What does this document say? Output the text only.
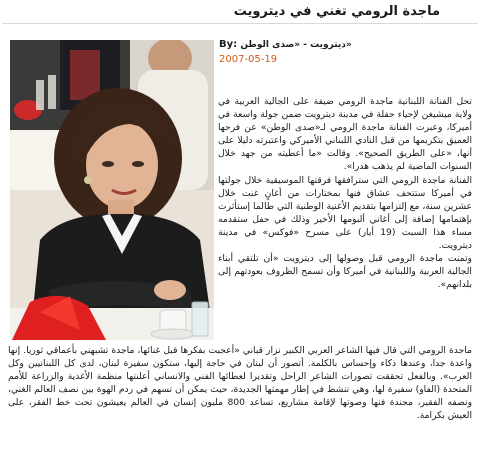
ماجدة الرومي تغني في ديترويت
By: «ديترويت - «صدى الوطن
2007-05-19

تحل الفنانة اللبنانية ماجدة الرومي ضيفة على الجالية العربية في ولاية ميشيغن لإحياء حفلة في مدينة ديترويت ضمن جولة واسعة في أميركا، وعبرت الفنانة ماجدة الرومي لـ«صدى الوطن» عن فرحها العميق بتكريمها من قبل النادي اللبناني الأميركي واعتبرته دليلا على أنها، «على الطريق الصحيح». وقالت «ما أعطيته من جهد خلال السنوات الماضية لم يذهب هدرا».

الفنانة ماجدة الرومي التي سترافقها فرقتها الموسيقية خلال جولتها في أميركا ستتحف عشاق فنها بمختارات من أغانٍ غنت خلال عشرين سنة، مع إلتزامها بتقديم الأغنية الوطنية التي طالما إستأثرت بإهتمامها إضافة إلى أغاني ألبومها الأخير وذلك في حفل ستقدمه مساء هذا السبت (19 أيار) على مسرح «فوكس» في مدينة ديترويت.

وتمنت ماجدة الرومي قبل وصولها إلى ديترويت «أن تلتقي أبناء الجالية العربية واللبنانية في أميركا وأن تسمح الظروف بعودتهم إلى بلدانهم».

ماجدة الرومي التي قال فيها الشاعر العربي الكبير نزار قباني «أعجبت بفكرها قبل غنائها، ماجدة تشبهني بأعماقي ثوريا. إنها واعدة جدا، وعندها ذكاء وإحساس بالكلمة. أتصور أن لبنان في حاجة إليها، ستكون سفيرة لبنان، لدى كل اللبنانيين وكل العرب». وبالفعل تحققت تصورات الشاعر الراحل وتقديرا لعطائها الفني والانساني أعلنتها منظمة الأغذية والزراعة للأمم المتحدة (الفاو) سفيرة لها، وهي تنشط في إطار مهمتها الجديدة، حيث يمكن أن تسهم في ردم الهوة بين نصف العالم الغني، ونصفه الفقير، مجندة فنها وصوتها لإقامة مشاريع، تساعد 800 مليون إنسان في العالم يعيشون تحت خط الفقر، على العيش بكرامة.
